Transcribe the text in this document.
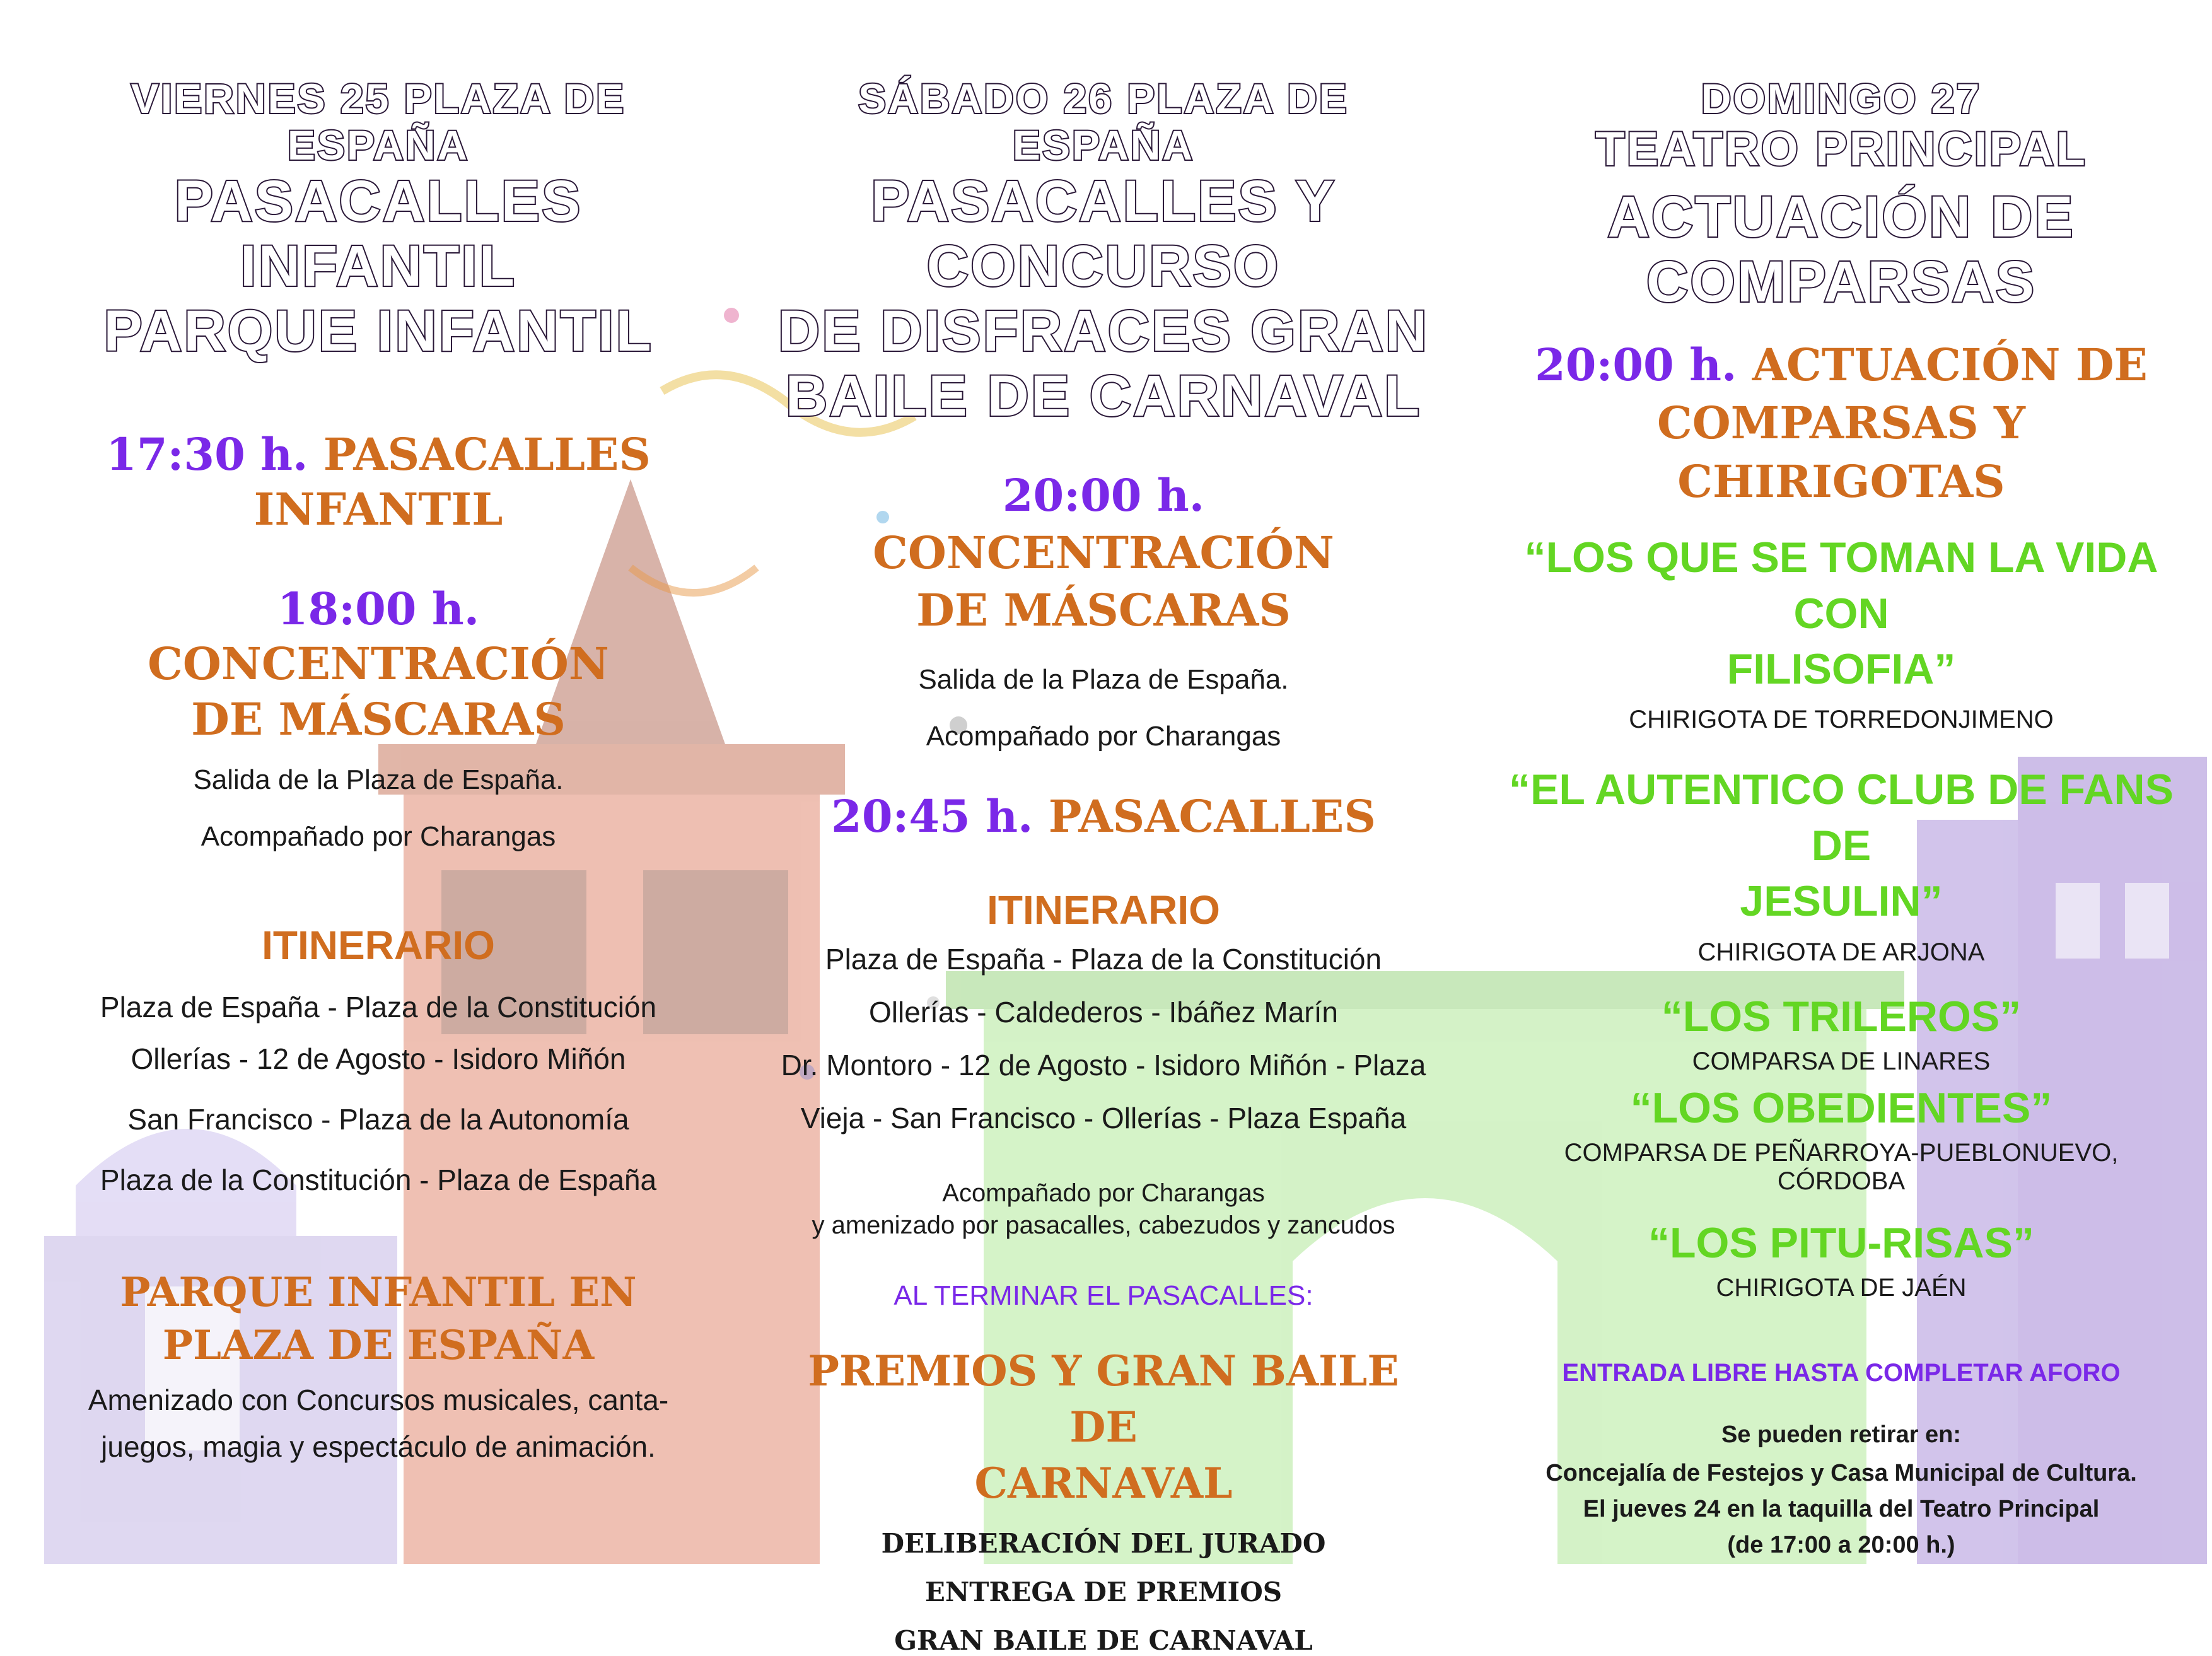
VIERNES 25 PLAZA DE ESPAÑA
PASACALLES INFANTIL
PARQUE INFANTIL
17:30 h. PASACALLES
INFANTIL
18:00 h. CONCENTRACIÓN
DE MÁSCARAS

Salida de la Plaza de España.

Acompañado por Charangas

ITINERARIO

Plaza de España - Plaza de la Constitución

Ollerías - 12 de Agosto - Isidoro Miñón

San Francisco - Plaza de la Autonomía

Plaza de la Constitución - Plaza de España

PARQUE INFANTIL EN
PLAZA DE ESPAÑA

Amenizado con Concursos musicales, canta-

juegos, magia y espectáculo de animación.

SÁBADO 26 PLAZA DE ESPAÑA
PASACALLES Y CONCURSO
DE DISFRACES GRAN
BAILE DE CARNAVAL
20:00 h. CONCENTRACIÓN
DE MÁSCARAS

Salida de la Plaza de España.

Acompañado por Charangas

20:45 h. PASACALLES
ITINERARIO

Plaza de España - Plaza de la Constitución

Ollerías - Caldederos - Ibáñez Marín

Dr. Montoro - 12 de Agosto - Isidoro Miñón - Plaza

Vieja - San Francisco - Ollerías - Plaza España

Acompañado por Charangas

y amenizado por pasacalles, cabezudos y zancudos

AL TERMINAR EL PASACALLES:

PREMIOS Y GRAN BAILE DE
CARNAVAL

DELIBERACIÓN DEL JURADO

ENTREGA DE PREMIOS

GRAN BAILE DE CARNAVAL

DOMINGO 27
TEATRO PRINCIPAL
ACTUACIÓN DE
COMPARSAS
20:00 h. ACTUACIÓN DE
COMPARSAS Y CHIRIGOTAS
“LOS QUE SE TOMAN LA VIDA CON
FILISOFIA”

CHIRIGOTA DE TORREDONJIMENO

“EL AUTENTICO CLUB DE FANS DE
JESULIN”

CHIRIGOTA DE ARJONA

“LOS TRILEROS”

COMPARSA DE LINARES

“LOS OBEDIENTES”

COMPARSA DE PEÑARROYA-PUEBLONUEVO, CÓRDOBA

“LOS PITU-RISAS”

CHIRIGOTA DE JAÉN

ENTRADA LIBRE HASTA COMPLETAR AFORO

Se pueden retirar en:

Concejalía de Festejos y Casa Municipal de Cultura.

El jueves 24 en la taquilla del Teatro Principal

(de 17:00 a 20:00 h.)
